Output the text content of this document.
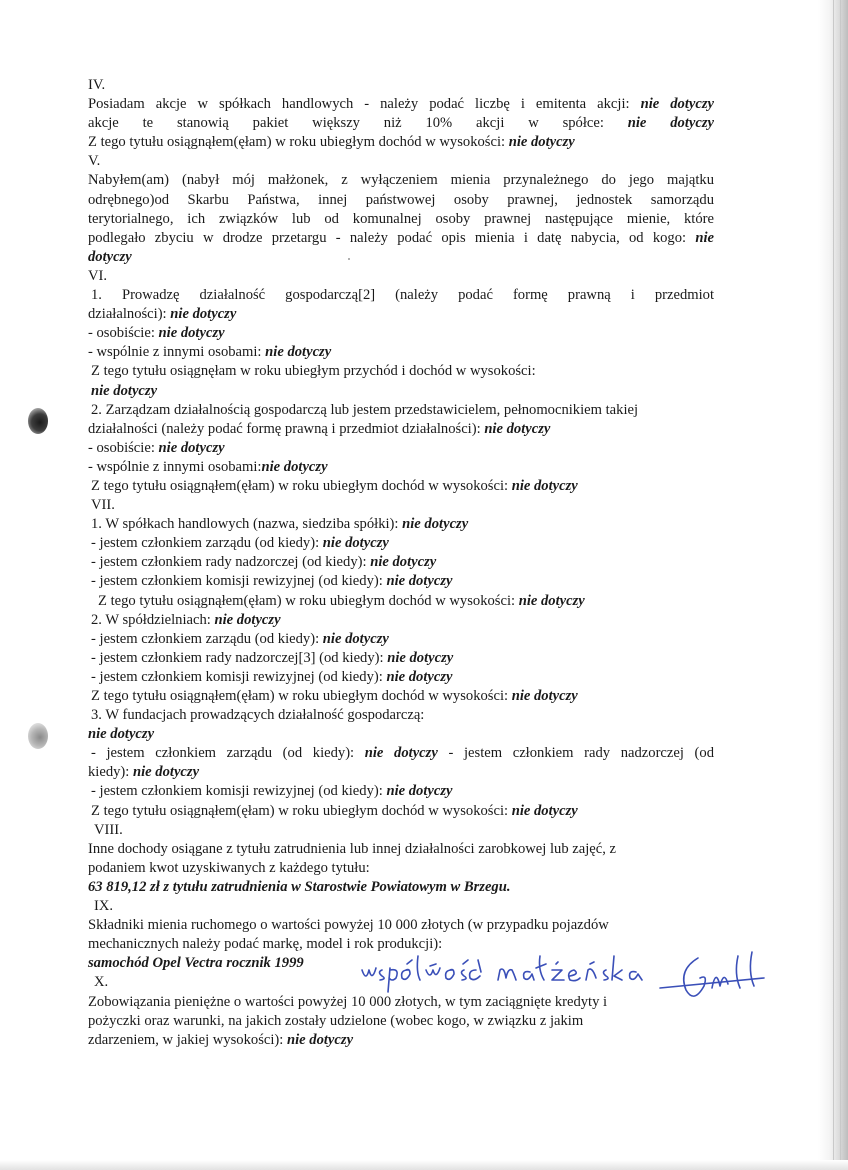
IV.

Posiadam akcje w spółkach handlowych - należy podać liczbę i emitenta akcji: nie dotyczy

akcje te stanowią pakiet większy niż 10% akcji w spółce: nie dotyczy

Z tego tytułu osiągnąłem(ęłam) w roku ubiegłym dochód w wysokości: nie dotyczy

V.

Nabyłem(am) (nabył mój małżonek, z wyłączeniem mienia przynależnego do jego majątku

odrębnego)od Skarbu Państwa, innej państwowej osoby prawnej, jednostek samorządu

terytorialnego, ich związków lub od komunalnej osoby prawnej następujące mienie, które

podlegało zbyciu w drodze przetargu - należy podać opis mienia i datę nabycia, od kogo: nie

dotyczy

VI.

1. Prowadzę działalność gospodarczą[2] (należy podać formę prawną i przedmiot

działalności): nie dotyczy

- osobiście: nie dotyczy

- wspólnie z innymi osobami: nie dotyczy

Z tego tytułu osiągnęłam w roku ubiegłym przychód i dochód w wysokości:

nie dotyczy

2. Zarządzam działalnością gospodarczą lub jestem przedstawicielem, pełnomocnikiem takiej

działalności (należy podać formę prawną i przedmiot działalności): nie dotyczy

- osobiście: nie dotyczy

- wspólnie z innymi osobami:nie dotyczy

Z tego tytułu osiągnąłem(ęłam) w roku ubiegłym dochód w wysokości: nie dotyczy

VII.

1. W spółkach handlowych (nazwa, siedziba spółki): nie dotyczy

- jestem członkiem zarządu (od kiedy): nie dotyczy

- jestem członkiem rady nadzorczej (od kiedy): nie dotyczy

- jestem członkiem komisji rewizyjnej (od kiedy): nie dotyczy

Z tego tytułu osiągnąłem(ęłam) w roku ubiegłym dochód w wysokości: nie dotyczy

2. W spółdzielniach: nie dotyczy

- jestem członkiem zarządu (od kiedy): nie dotyczy

- jestem członkiem rady nadzorczej[3] (od kiedy): nie dotyczy

- jestem członkiem komisji rewizyjnej (od kiedy): nie dotyczy

Z tego tytułu osiągnąłem(ęłam) w roku ubiegłym dochód w wysokości: nie dotyczy

3. W fundacjach prowadzących działalność gospodarczą:

nie dotyczy

- jestem członkiem zarządu (od kiedy): nie dotyczy - jestem członkiem rady nadzorczej (od

kiedy): nie dotyczy

- jestem członkiem komisji rewizyjnej (od kiedy): nie dotyczy

Z tego tytułu osiągnąłem(ęłam) w roku ubiegłym dochód w wysokości: nie dotyczy

VIII.

Inne dochody osiągane z tytułu zatrudnienia lub innej działalności zarobkowej lub zajęć, z

podaniem kwot uzyskiwanych z każdego tytułu:

63 819,12 zł z tytułu zatrudnienia w Starostwie Powiatowym w Brzegu.

IX.

Składniki mienia ruchomego o wartości powyżej 10 000 złotych (w przypadku pojazdów

mechanicznych należy podać markę, model i rok produkcji):

samochód Opel Vectra rocznik 1999

X.

Zobowiązania pieniężne o wartości powyżej 10 000 złotych, w tym zaciągnięte kredyty i

pożyczki oraz warunki, na jakich zostały udzielone (wobec kogo, w związku z jakim

zdarzeniem, w jakiej wysokości): nie dotyczy
